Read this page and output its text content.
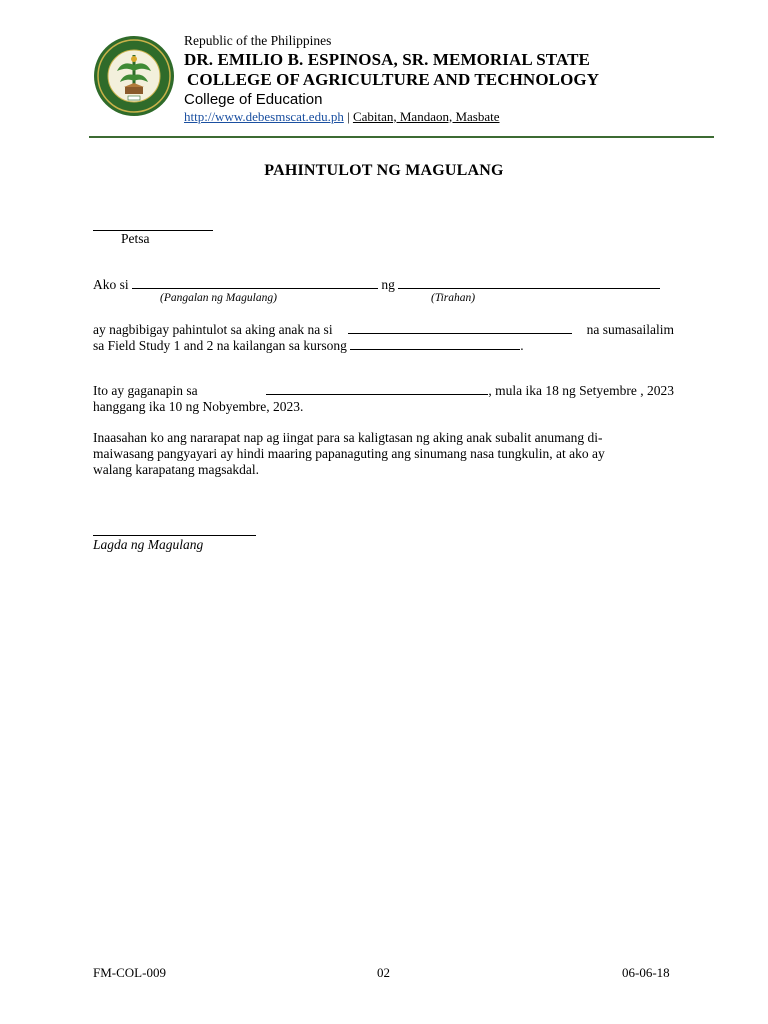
Republic of the Philippines
DR. EMILIO B. ESPINOSA, SR. MEMORIAL STATE
COLLEGE OF AGRICULTURE AND TECHNOLOGY
College of Education
http://www.debesmscat.edu.ph | Cabitan, Mandaon, Masbate
PAHINTULOT NG MAGULANG
Petsa
Ako si	ng
(Pangalan ng Magulang)	(Tirahan)
ay nagbibigay pahintulot sa aking anak na si	na sumasailalim
sa Field Study 1 and 2 na kailangan sa kursong
	.
Ito ay gaganapin sa	, mula ika 18 ng Setyembre , 2023
hanggang ika 10 ng Nobyembre, 2023.
Inaasahan ko ang nararapat nap ag iingat para sa kaligtasan ng aking anak subalit anumang di-
maiwasang pangyayari ay hindi maaring papanaguting ang sinumang nasa tungkulin, at ako ay
walang karapatang magsakdal.
Lagda ng Magulang
FM-COL-009	02	06-06-18
